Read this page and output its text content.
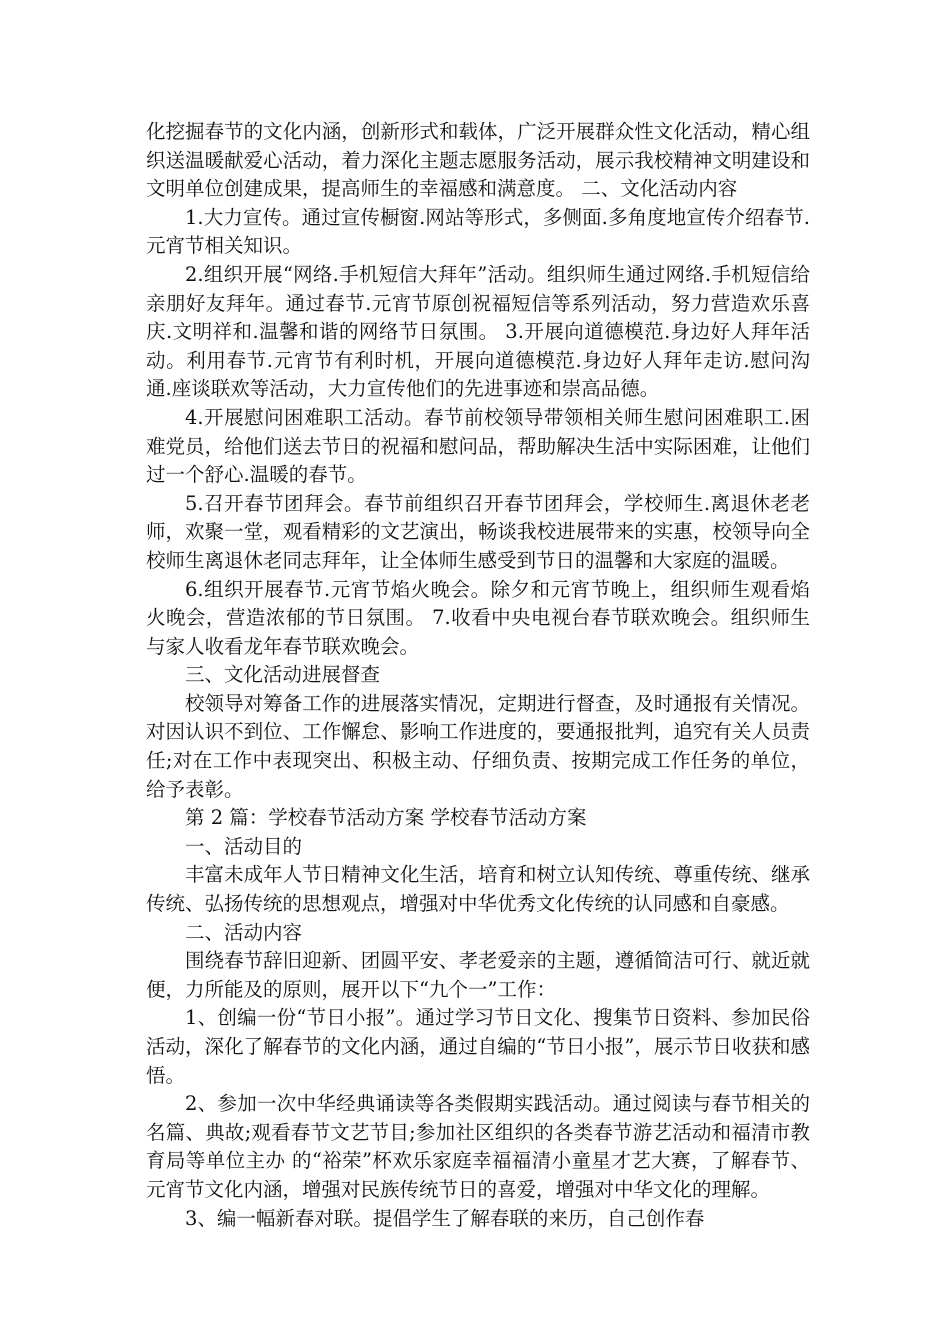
化挖掘春节的文化内涵，创新形式和载体，广泛开展群众性文化活动，精心组织送温暖献爱心活动，着力深化主题志愿服务活动，展示我校精神文明建设和文明单位创建成果，提高师生的幸福感和满意度。 二、文化活动内容

1.大力宣传。通过宣传橱窗.网站等形式，多侧面.多角度地宣传介绍春节.元宵节相关知识。

2.组织开展“网络.手机短信大拜年”活动。组织师生通过网络.手机短信给亲朋好友拜年。通过春节.元宵节原创祝福短信等系列活动，努力营造欢乐喜庆.文明祥和.温馨和谐的网络节日氛围。 3.开展向道德模范.身边好人拜年活动。利用春节.元宵节有利时机，开展向道德模范.身边好人拜年走访.慰问沟通.座谈联欢等活动，大力宣传他们的先进事迹和崇高品德。

4.开展慰问困难职工活动。春节前校领导带领相关师生慰问困难职工.困难党员，给他们送去节日的祝福和慰问品，帮助解决生活中实际困难，让他们过一个舒心.温暖的春节。

5.召开春节团拜会。春节前组织召开春节团拜会，学校师生.离退休老老师，欢聚一堂，观看精彩的文艺演出，畅谈我校进展带来的实惠，校领导向全校师生离退休老同志拜年，让全体师生感受到节日的温馨和大家庭的温暖。

6.组织开展春节.元宵节焰火晚会。除夕和元宵节晚上，组织师生观看焰火晚会，营造浓郁的节日氛围。 7.收看中央电视台春节联欢晚会。组织师生与家人收看龙年春节联欢晚会。

三、文化活动进展督查

校领导对筹备工作的进展落实情况，定期进行督查，及时通报有关情况。对因认识不到位、工作懈怠、影响工作进度的，要通报批判，追究有关人员责任;对在工作中表现突出、积极主动、仔细负责、按期完成工作任务的单位，给予表彰。

第 2 篇：学校春节活动方案 学校春节活动方案

一、活动目的

丰富未成年人节日精神文化生活，培育和树立认知传统、尊重传统、继承传统、弘扬传统的思想观点，增强对中华优秀文化传统的认同感和自豪感。

二、活动内容

围绕春节辞旧迎新、团圆平安、孝老爱亲的主题，遵循简洁可行、就近就便，力所能及的原则，展开以下“九个一”工作：

1、创编一份“节日小报”。通过学习节日文化、搜集节日资料、参加民俗活动，深化了解春节的文化内涵，通过自编的“节日小报”，展示节日收获和感悟。

2、参加一次中华经典诵读等各类假期实践活动。通过阅读与春节相关的名篇、典故;观看春节文艺节目;参加社区组织的各类春节游艺活动和福清市教育局等单位主办 的“裕荣”杯欢乐家庭幸福福清小童星才艺大赛，了解春节、元宵节文化内涵，增强对民族传统节日的喜爱，增强对中华文化的理解。

3、编一幅新春对联。提倡学生了解春联的来历，自己创作春
